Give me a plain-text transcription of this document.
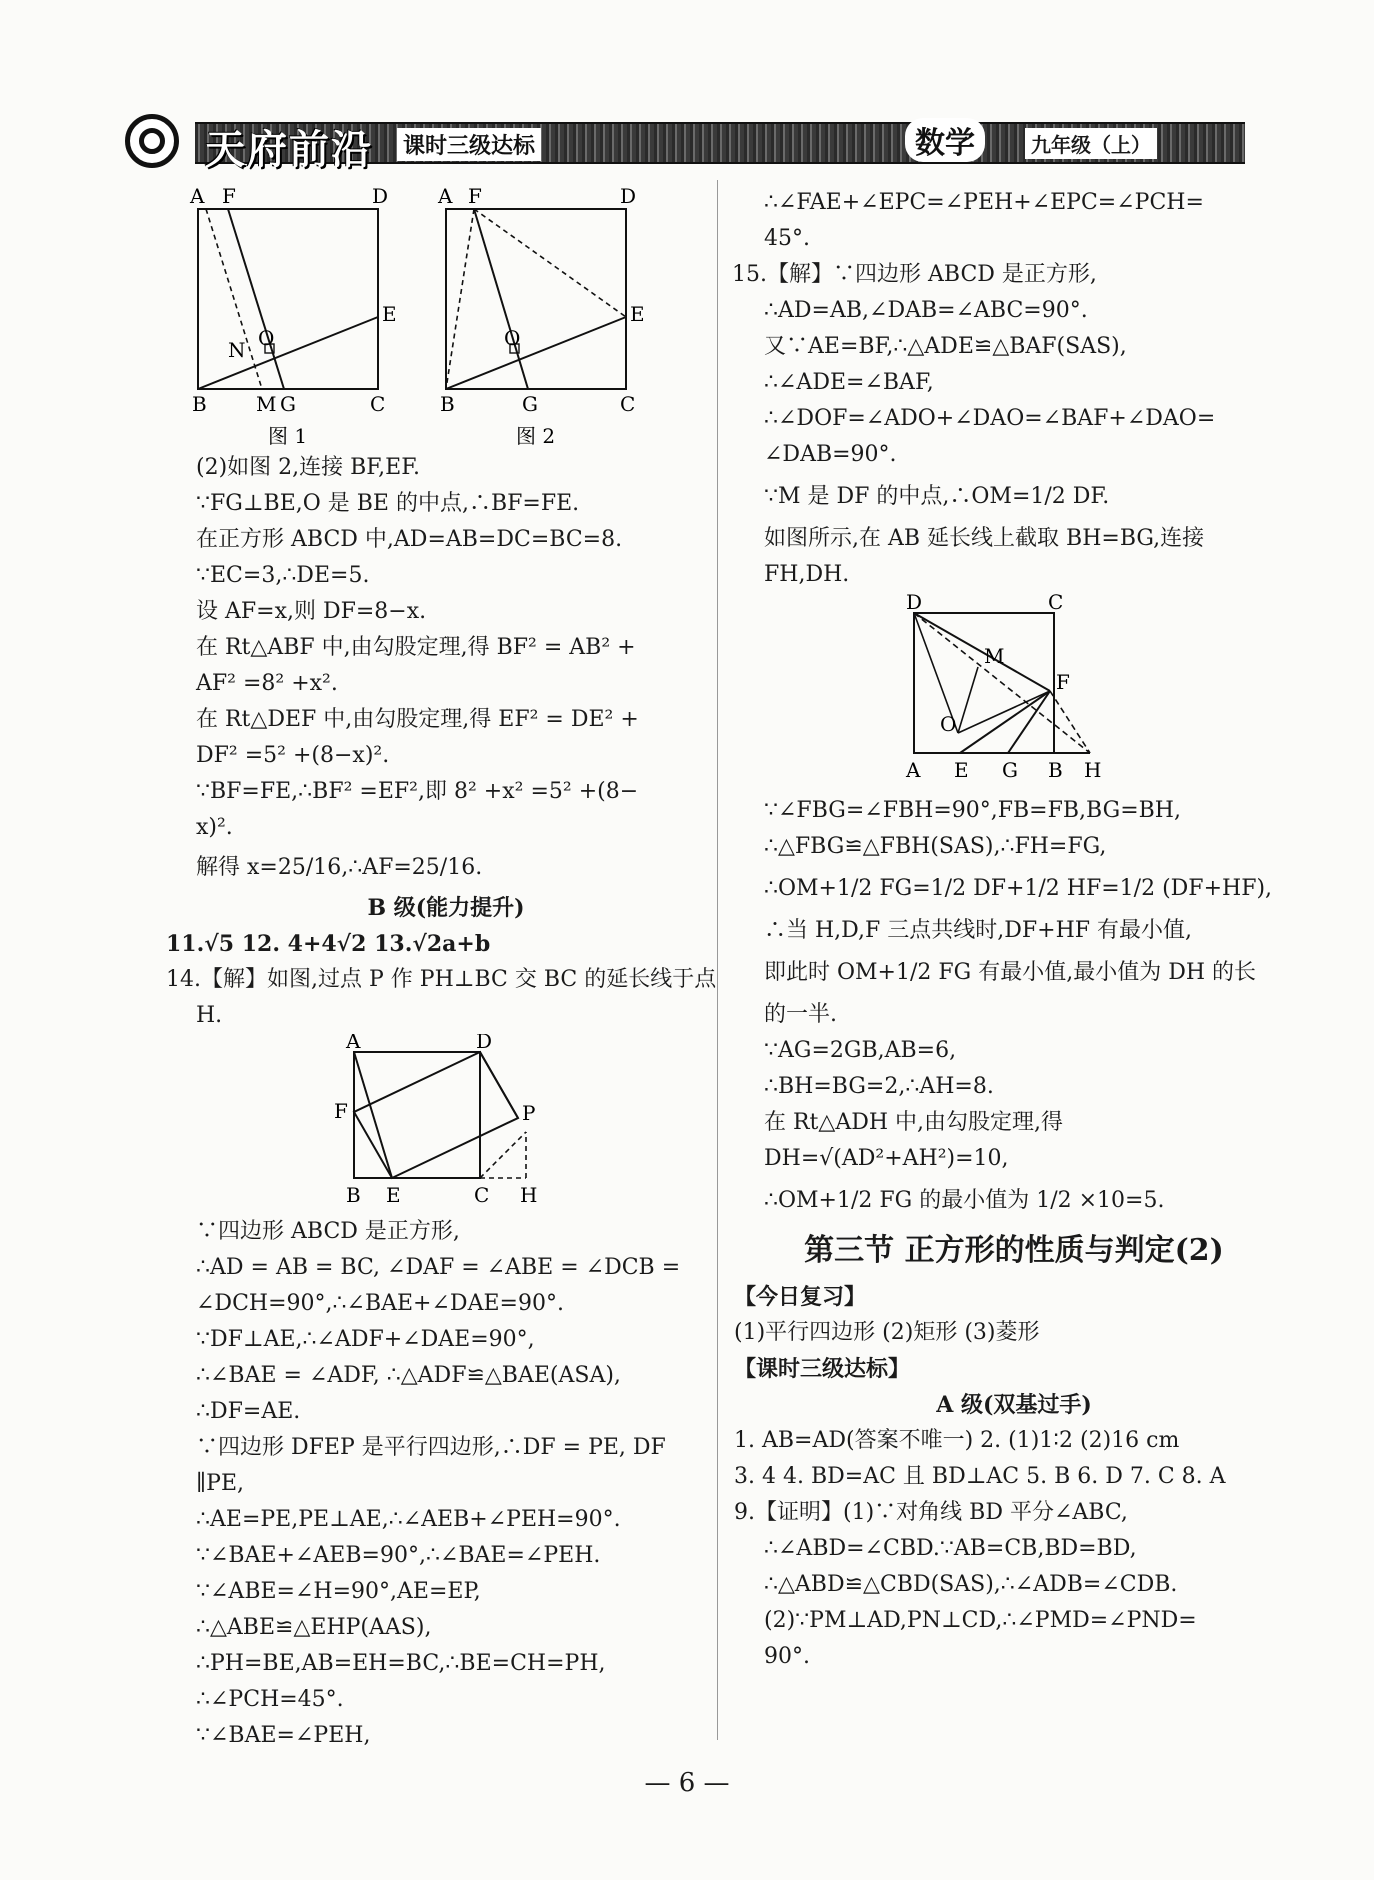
天府前沿 课时三级达标	数学	九年级（上）
A F	D
E
O
N
B M G	C
图 1
A F	D
E
O
B	G	C
图 2

(2)如图 2,连接 BF,EF.

∵FG⊥BE,O 是 BE 的中点,∴BF=FE.

在正方形 ABCD 中,AD=AB=DC=BC=8.

∵EC=3,∴DE=5.

设 AF=x,则 DF=8−x.

在 Rt△ABF 中,由勾股定理,得 BF² = AB² +

AF² =8² +x².

在 Rt△DEF 中,由勾股定理,得 EF² = DE² +

DF² =5² +(8−x)².

∵BF=FE,∴BF² =EF²,即 8² +x² =5² +(8−

x)².

解得 x=25/16,∴AF=25/16.

B 级(能力提升)

11.√5 12. 4+4√2 13.√2a+b

14.【解】如图,过点 P 作 PH⊥BC 交 BC 的延长线于点

H.

A	D
F	P
B E	C H

∵四边形 ABCD 是正方形,

∴AD = AB = BC, ∠DAF = ∠ABE = ∠DCB =

∠DCH=90°,∴∠BAE+∠DAE=90°.

∵DF⊥AE,∴∠ADF+∠DAE=90°,

∴∠BAE = ∠ADF, ∴△ADF≌△BAE(ASA),

∴DF=AE.

∵四边形 DFEP 是平行四边形,∴DF = PE, DF

∥PE,

∴AE=PE,PE⊥AE,∴∠AEB+∠PEH=90°.

∵∠BAE+∠AEB=90°,∴∠BAE=∠PEH.

∵∠ABE=∠H=90°,AE=EP,

∴△ABE≌△EHP(AAS),

∴PH=BE,AB=EH=BC,∴BE=CH=PH,

∴∠PCH=45°.

∵∠BAE=∠PEH,

∴∠FAE+∠EPC=∠PEH+∠EPC=∠PCH=

45°.

15.【解】∵四边形 ABCD 是正方形,

∴AD=AB,∠DAB=∠ABC=90°.

又∵AE=BF,∴△ADE≌△BAF(SAS),

∴∠ADE=∠BAF,

∴∠DOF=∠ADO+∠DAO=∠BAF+∠DAO=

∠DAB=90°.

∵M 是 DF 的中点,∴OM=1/2 DF.

如图所示,在 AB 延长线上截取 BH=BG,连接

FH,DH.

D	C
M
F
O
A E G B H

∵∠FBG=∠FBH=90°,FB=FB,BG=BH,

∴△FBG≌△FBH(SAS),∴FH=FG,

∴OM+1/2 FG=1/2 DF+1/2 HF=1/2 (DF+HF),

∴当 H,D,F 三点共线时,DF+HF 有最小值,

即此时 OM+1/2 FG 有最小值,最小值为 DH 的长

的一半.

∵AG=2GB,AB=6,

∴BH=BG=2,∴AH=8.

在 Rt△ADH 中,由勾股定理,得

DH=√(AD²+AH²)=10,

∴OM+1/2 FG 的最小值为 1/2 ×10=5.

第三节 正方形的性质与判定(2)

【今日复习】

(1)平行四边形 (2)矩形 (3)菱形

【课时三级达标】

A 级(双基过手)

1. AB=AD(答案不唯一) 2. (1)1∶2 (2)16 cm

3. 4 4. BD=AC 且 BD⊥AC 5. B 6. D 7. C 8. A

9.【证明】(1)∵对角线 BD 平分∠ABC,

∴∠ABD=∠CBD.∵AB=CB,BD=BD,

∴△ABD≌△CBD(SAS),∴∠ADB=∠CDB.

(2)∵PM⊥AD,PN⊥CD,∴∠PMD=∠PND=

90°.

— 6 —
